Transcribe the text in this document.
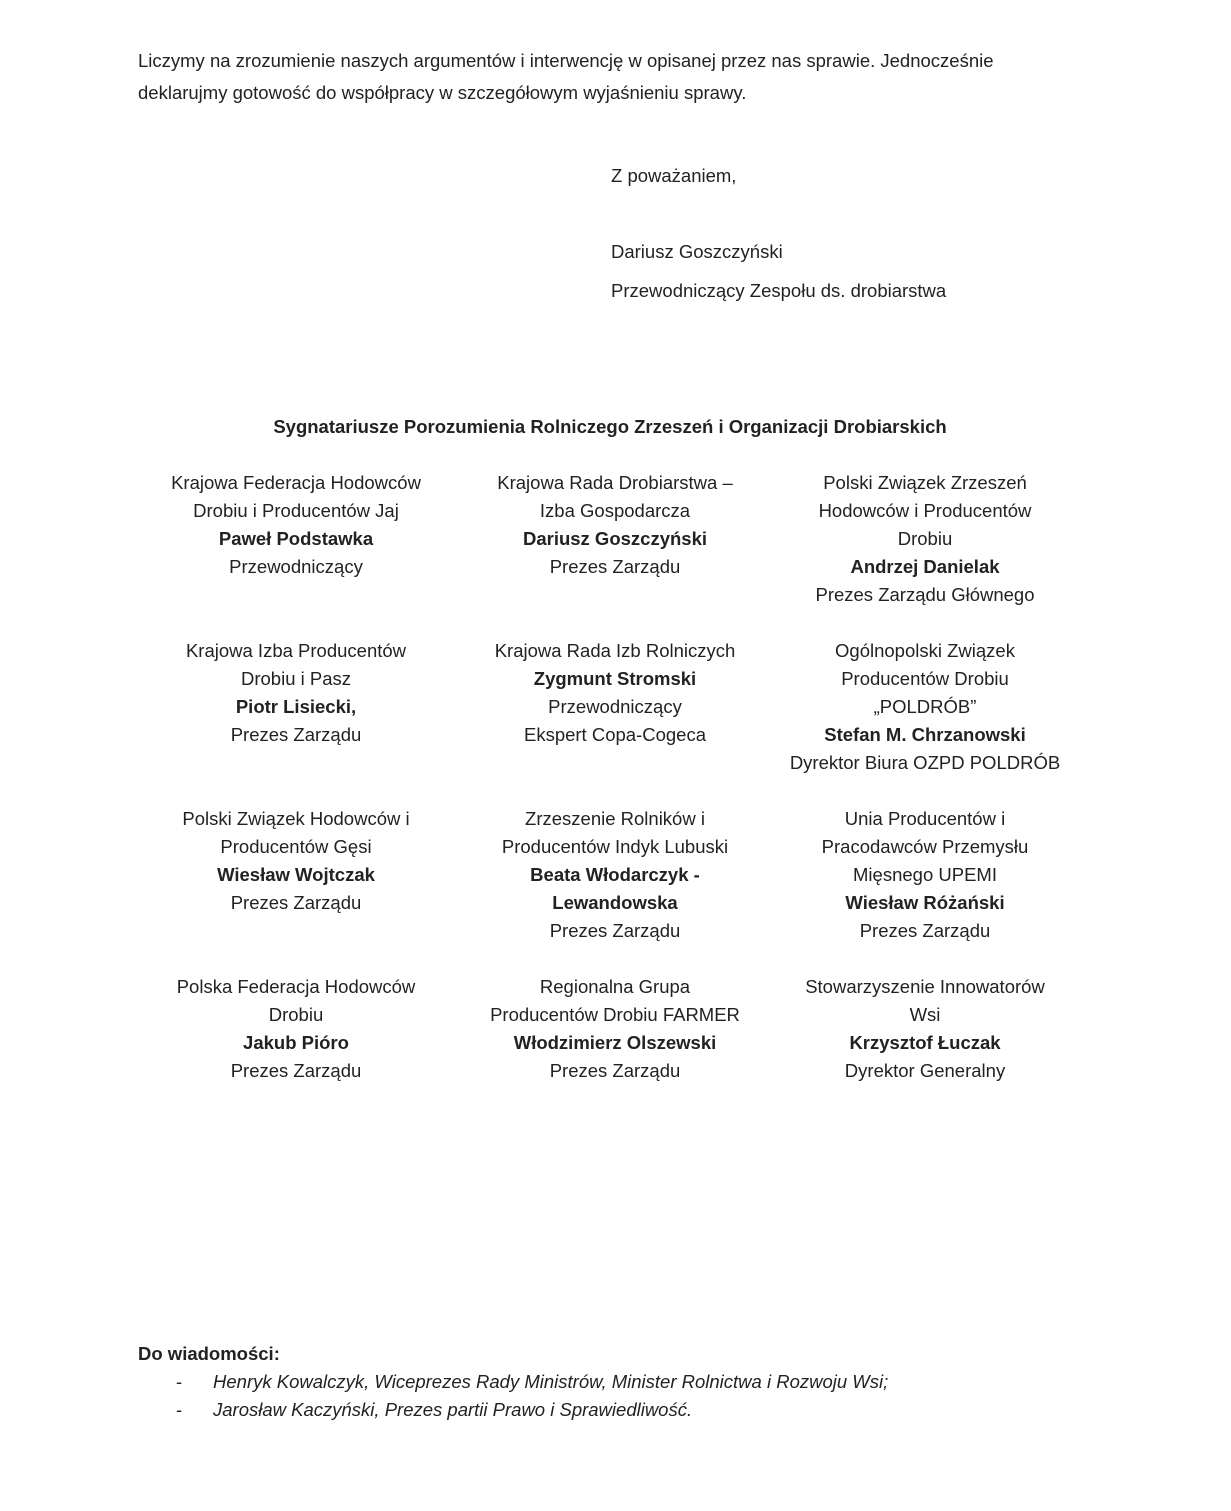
Liczymy na zrozumienie naszych argumentów i interwencję w opisanej przez nas sprawie. Jednocześnie
deklarujmy gotowość do współpracy w szczegółowym wyjaśnieniu sprawy.
Z poważaniem,
Dariusz Goszczyński
Przewodniczący Zespołu ds. drobiarstwa
Sygnatariusze Porozumienia Rolniczego Zrzeszeń i Organizacji Drobiarskich
Krajowa Federacja Hodowców
Drobiu i Producentów Jaj
Paweł Podstawka
Przewodniczący
Krajowa Rada Drobiarstwa –
Izba Gospodarcza
Dariusz Goszczyński
Prezes Zarządu
Polski Związek Zrzeszeń
Hodowców i Producentów
Drobiu
Andrzej Danielak
Prezes Zarządu Głównego
Krajowa Izba Producentów
Drobiu i Pasz
Piotr Lisiecki,
Prezes Zarządu
Krajowa Rada Izb Rolniczych
Zygmunt Stromski
Przewodniczący
Ekspert Copa-Cogeca
Ogólnopolski Związek
Producentów Drobiu
„POLDRÓB”
Stefan M. Chrzanowski
Dyrektor Biura OZPD POLDRÓB
Polski Związek Hodowców i
Producentów Gęsi
Wiesław Wojtczak
Prezes Zarządu
Zrzeszenie Rolników i
Producentów Indyk Lubuski
Beata Włodarczyk -
Lewandowska
Prezes Zarządu
Unia Producentów i
Pracodawców Przemysłu
Mięsnego UPEMI
Wiesław Różański
Prezes Zarządu
Polska Federacja Hodowców
Drobiu
Jakub Pióro
Prezes Zarządu
Regionalna Grupa
Producentów Drobiu FARMER
Włodzimierz Olszewski
Prezes Zarządu
Stowarzyszenie Innowatorów
Wsi
Krzysztof Łuczak
Dyrektor Generalny
Do wiadomości:
- Henryk Kowalczyk, Wiceprezes Rady Ministrów, Minister Rolnictwa i Rozwoju Wsi;
- Jarosław Kaczyński, Prezes partii Prawo i Sprawiedliwość.
